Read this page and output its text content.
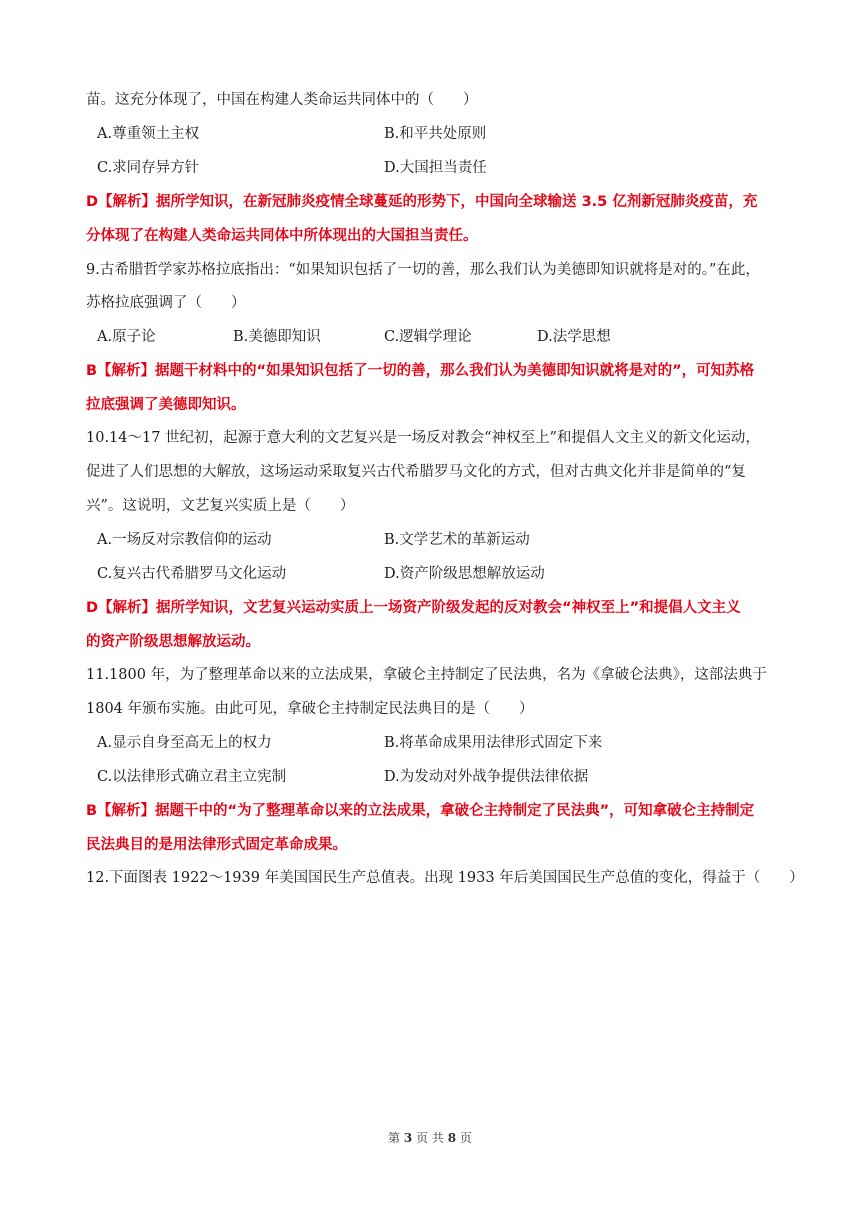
苗。这充分体现了，中国在构建人类命运共同体中的（　　）
A.尊重领土主权	B.和平共处原则
C.求同存异方针	D.大国担当责任
D【解析】据所学知识，在新冠肺炎疫情全球蔓延的形势下，中国向全球输送 3.5 亿剂新冠肺炎疫苗，充
分体现了在构建人类命运共同体中所体现出的大国担当责任。
9.古希腊哲学家苏格拉底指出：“如果知识包括了一切的善，那么我们认为美德即知识就将是对的。”在此，
苏格拉底强调了（　　）
A.原子论	B.美德即知识	C.逻辑学理论	D.法学思想
B【解析】据题干材料中的“如果知识包括了一切的善，那么我们认为美德即知识就将是对的”，可知苏格
拉底强调了美德即知识。
10.14～17 世纪初，起源于意大利的文艺复兴是一场反对教会“神权至上”和提倡人文主义的新文化运动，
促进了人们思想的大解放，这场运动采取复兴古代希腊罗马文化的方式，但对古典文化并非是简单的“复
兴”。这说明，文艺复兴实质上是（　　）
A.一场反对宗教信仰的运动	B.文学艺术的革新运动
C.复兴古代希腊罗马文化运动	D.资产阶级思想解放运动
D【解析】据所学知识，文艺复兴运动实质上一场资产阶级发起的反对教会“神权至上”和提倡人文主义
的资产阶级思想解放运动。
11.1800 年，为了整理革命以来的立法成果，拿破仑主持制定了民法典，名为《拿破仑法典》，这部法典于
1804 年颁布实施。由此可见，拿破仑主持制定民法典目的是（　　）
A.显示自身至高无上的权力	B.将革命成果用法律形式固定下来
C.以法律形式确立君主立宪制	D.为发动对外战争提供法律依据
B【解析】据题干中的“为了整理革命以来的立法成果，拿破仑主持制定了民法典”，可知拿破仑主持制定
民法典目的是用法律形式固定革命成果。
12.下面图表 1922～1939 年美国国民生产总值表。出现 1933 年后美国国民生产总值的变化，得益于（　　）
第 3 页 共 8 页
